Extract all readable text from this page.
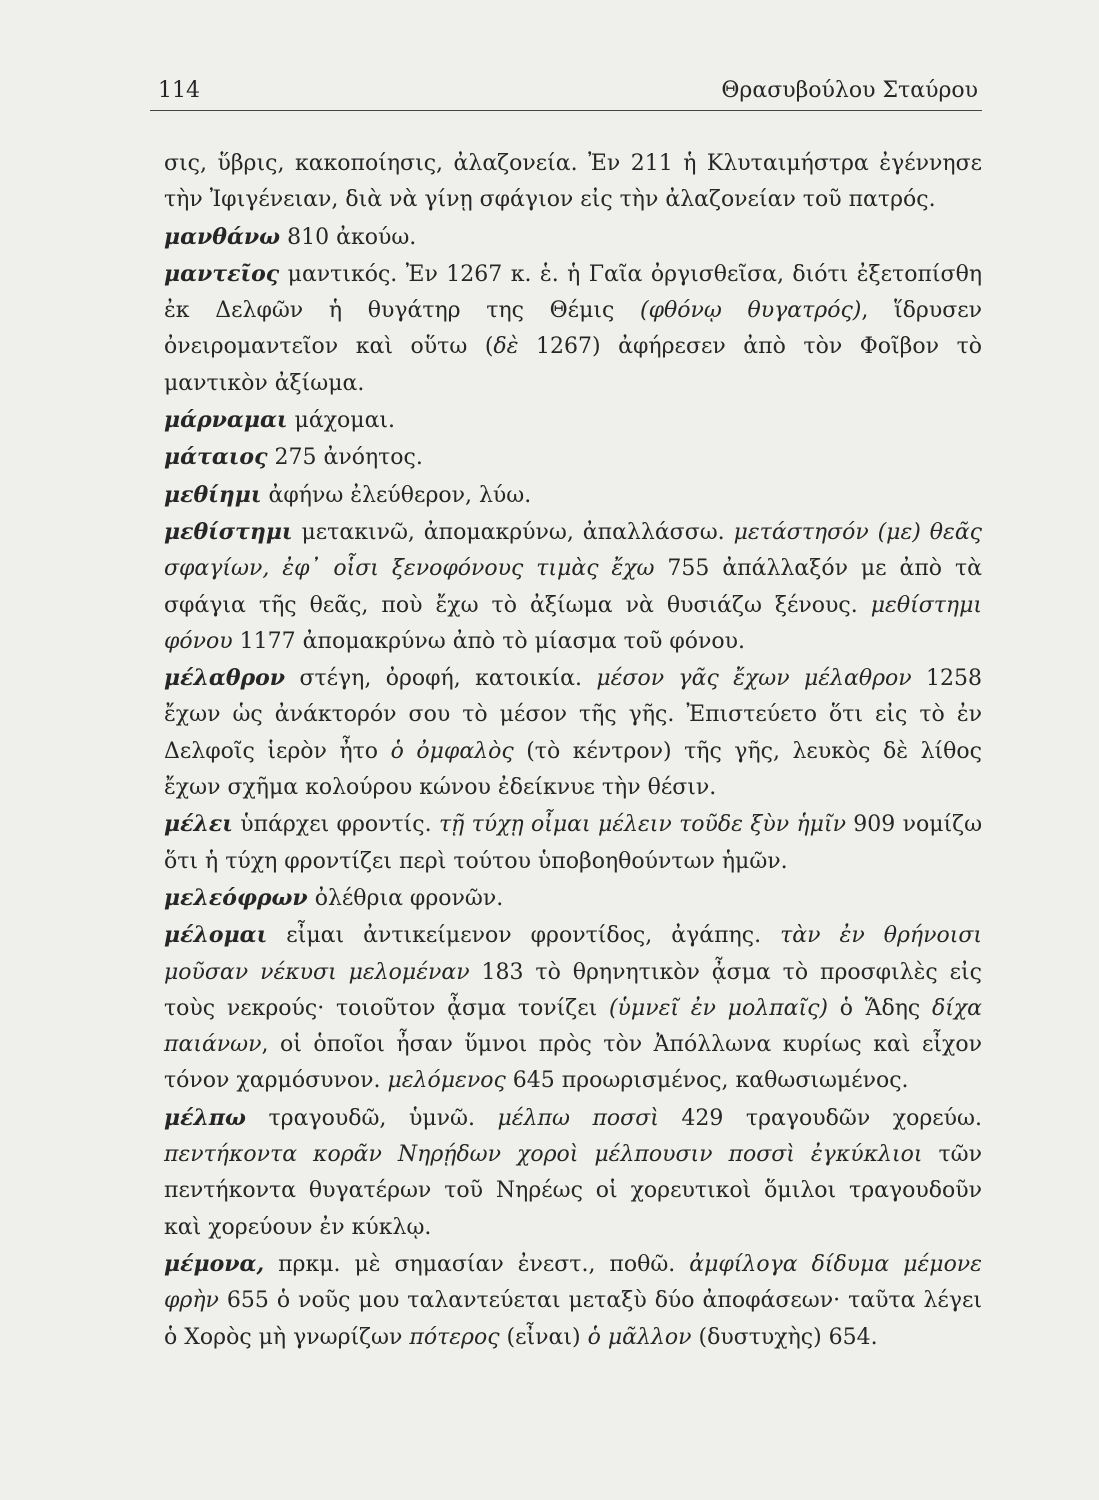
114	Θρασυβούλου Σταύρου

σις, ὕβρις, κακοποίησις, ἀλαζονεία. Ἐν 211 ἡ Κλυταιμήστρα ἐγέννησε τὴν Ἰφιγένειαν, διὰ νὰ γίνῃ σφάγιον εἰς τὴν ἀλαζονείαν τοῦ πατρός.

μανθάνω 810 ἀκούω.

μαντεῖος μαντικός. Ἐν 1267 κ. ἑ. ἡ Γαῖα ὀργισθεῖσα, διότι ἐξετοπίσθη ἐκ Δελφῶν ἡ θυγάτηρ της Θέμις (φθόνῳ θυγατρός), ἵδρυσεν ὀνειρομαντεῖον καὶ οὕτω (δὲ 1267) ἀφήρεσεν ἀπὸ τὸν Φοῖβον τὸ μαντικὸν ἀξίωμα.

μάρναμαι μάχομαι.

μάταιος 275 ἀνόητος.

μεθίημι ἀφήνω ἐλεύθερον, λύω.

μεθίστημι μετακινῶ, ἀπομακρύνω, ἀπαλλάσσω. μετάστησόν (με) θεᾶς σφαγίων, ἐφ᾽ οἷσι ξενοφόνους τιμὰς ἔχω 755 ἀπάλλαξόν με ἀπὸ τὰ σφάγια τῆς θεᾶς, ποὺ ἔχω τὸ ἀξίωμα νὰ θυσιάζω ξένους. μεθίστημι φόνου 1177 ἀπομακρύνω ἀπὸ τὸ μίασμα τοῦ φόνου.

μέλαθρον στέγη, ὀροφή, κατοικία. μέσον γᾶς ἔχων μέλαθρον 1258 ἔχων ὡς ἀνάκτορόν σου τὸ μέσον τῆς γῆς. Ἐπιστεύετο ὅτι εἰς τὸ ἐν Δελφοῖς ἱερὸν ἦτο ὁ ὀμφαλὸς (τὸ κέντρον) τῆς γῆς, λευκὸς δὲ λίθος ἔχων σχῆμα κολούρου κώνου ἐδείκνυε τὴν θέσιν.

μέλει ὑπάρχει φροντίς. τῇ τύχῃ οἶμαι μέλειν τοῦδε ξὺν ἡμῖν 909 νομίζω ὅτι ἡ τύχη φροντίζει περὶ τούτου ὑποβοηθούντων ἡμῶν.

μελεόφρων ὀλέθρια φρονῶν.

μέλομαι εἶμαι ἀντικείμενον φροντίδος, ἀγάπης. τὰν ἐν θρήνοισι μοῦσαν νέκυσι μελομέναν 183 τὸ θρηνητικὸν ᾆσμα τὸ προσφιλὲς εἰς τοὺς νεκρούς· τοιοῦτον ᾆσμα τονίζει (ὑμνεῖ ἐν μολπαῖς) ὁ Ἅδης δίχα παιάνων, οἱ ὁποῖοι ἦσαν ὕμνοι πρὸς τὸν Ἀπόλλωνα κυρίως καὶ εἶχον τόνον χαρμόσυνον. μελόμενος 645 προωρισμένος, καθωσιωμένος.

μέλπω τραγουδῶ, ὑμνῶ. μέλπω ποσσὶ 429 τραγουδῶν χορεύω. πεντήκοντα κορᾶν Νηρῄδων χοροὶ μέλπουσιν ποσσὶ ἐγκύκλιοι τῶν πεντήκοντα θυγατέρων τοῦ Νηρέως οἱ χορευτικοὶ ὅμιλοι τραγουδοῦν καὶ χορεύουν ἐν κύκλῳ.

μέμονα, πρκμ. μὲ σημασίαν ἐνεστ., ποθῶ. ἀμφίλογα δίδυμα μέμονε φρὴν 655 ὁ νοῦς μου ταλαντεύεται μεταξὺ δύο ἀποφάσεων· ταῦτα λέγει ὁ Χορὸς μὴ γνωρίζων πότερος (εἶναι) ὁ μᾶλλον (δυστυχὴς) 654.
